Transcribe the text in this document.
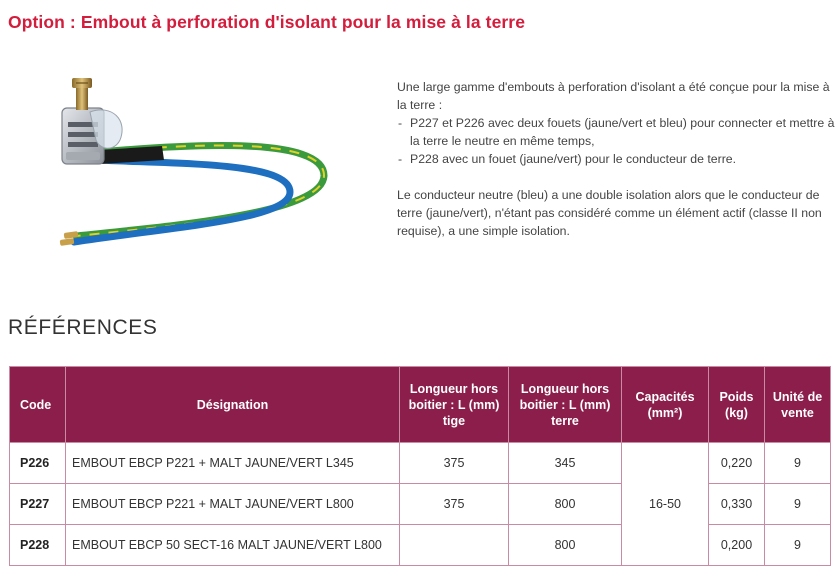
Option : Embout à perforation d'isolant pour la mise à la terre

Une large gamme d'embouts à perforation d'isolant a été conçue pour la mise à la terre :

- P227 et P226 avec deux fouets (jaune/vert et bleu) pour connecter et mettre à la terre le neutre en même temps,
- P228 avec un fouet (jaune/vert) pour le conducteur de terre.

Le conducteur neutre (bleu) a une double isolation alors que le conducteur de terre (jaune/vert), n'étant pas considéré comme un élément actif (classe II non requise), a une simple isolation.

RÉFÉRENCES
Code	Désignation	Longueur hors boitier : L (mm) tige	Longueur hors boitier : L (mm) terre	Capacités (mm²)	Poids (kg)	Unité de vente
P226	EMBOUT EBCP P221 + MALT JAUNE/VERT L345	375	345	16-50	0,220	9
P227	EMBOUT EBCP P221 + MALT JAUNE/VERT L800	375	800		0,330	9
P228	EMBOUT EBCP 50 SECT-16 MALT JAUNE/VERT L800		800		0,200	9
